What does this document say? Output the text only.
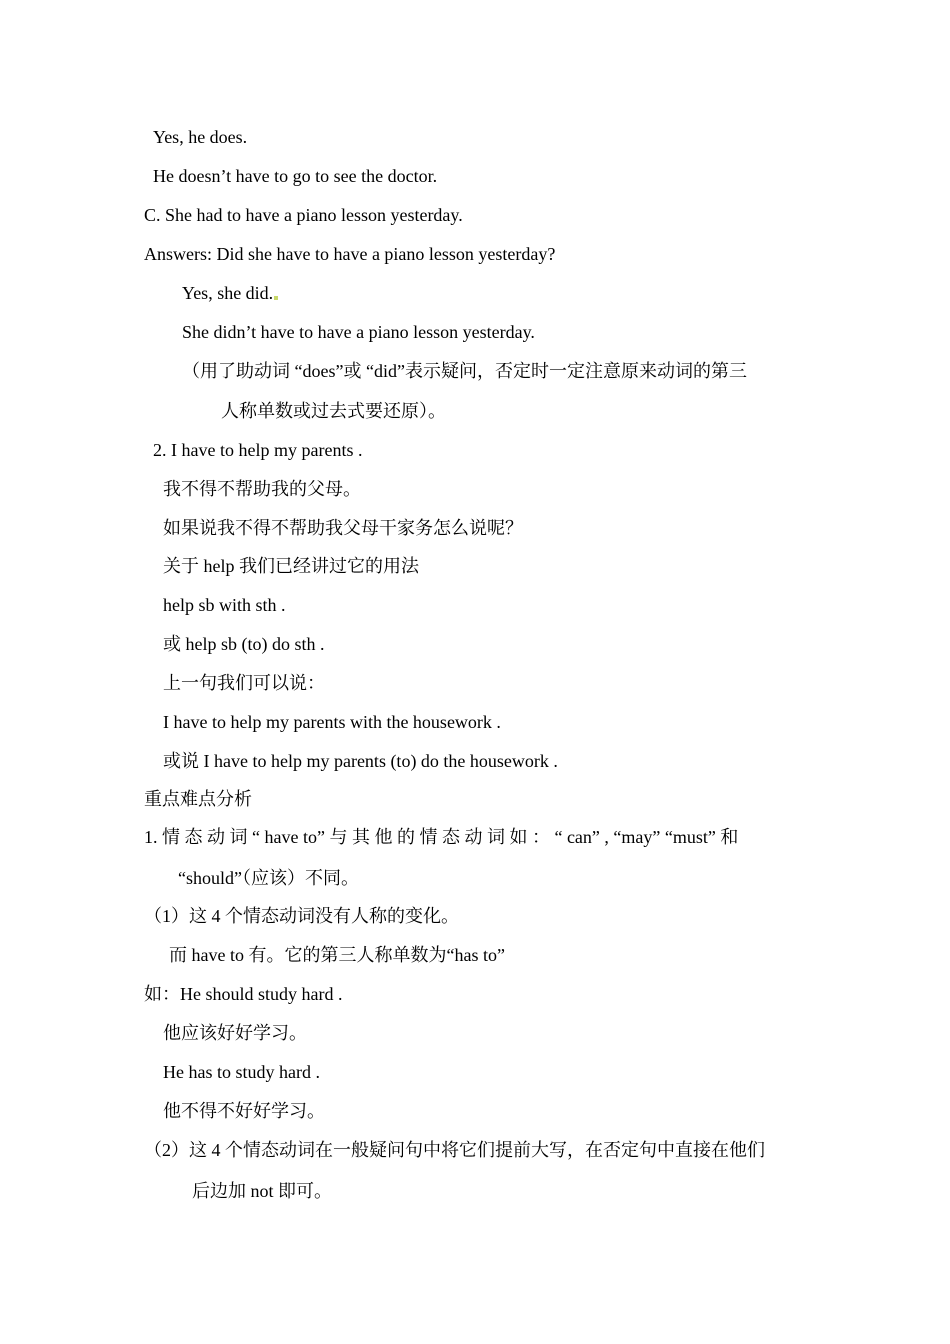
Yes, he does.
He doesn’t have to go to see the doctor.
C. She had to have a piano lesson yesterday.
Answers: Did she have to have a piano lesson yesterday?
Yes, she did.
She didn’t have to have a piano lesson yesterday.
（用了助动词 “does”或 “did”表示疑问，否定时一定注意原来动词的第三
人称单数或过去式要还原）。
2. I have to help my parents .
我不得不帮助我的父母。
如果说我不得不帮助我父母干家务怎么说呢？
关于 help 我们已经讲过它的用法
help sb with sth .
或 help sb (to) do sth .
上一句我们可以说：
I have to help my parents with the housework .
或说 I have to help my parents (to) do the housework .
重点难点分析
1. 情 态 动 词 “ have to” 与 其 他 的 情 态 动 词 如 ： “ can” , “may” “must” 和
“should”（应该）不同。
（1）这 4 个情态动词没有人称的变化。
而 have to 有。它的第三人称单数为“has to”
如：He should study hard .
他应该好好学习。
He has to study hard .
他不得不好好学习。
（2）这 4 个情态动词在一般疑问句中将它们提前大写，在否定句中直接在他们
后边加 not 即可。
